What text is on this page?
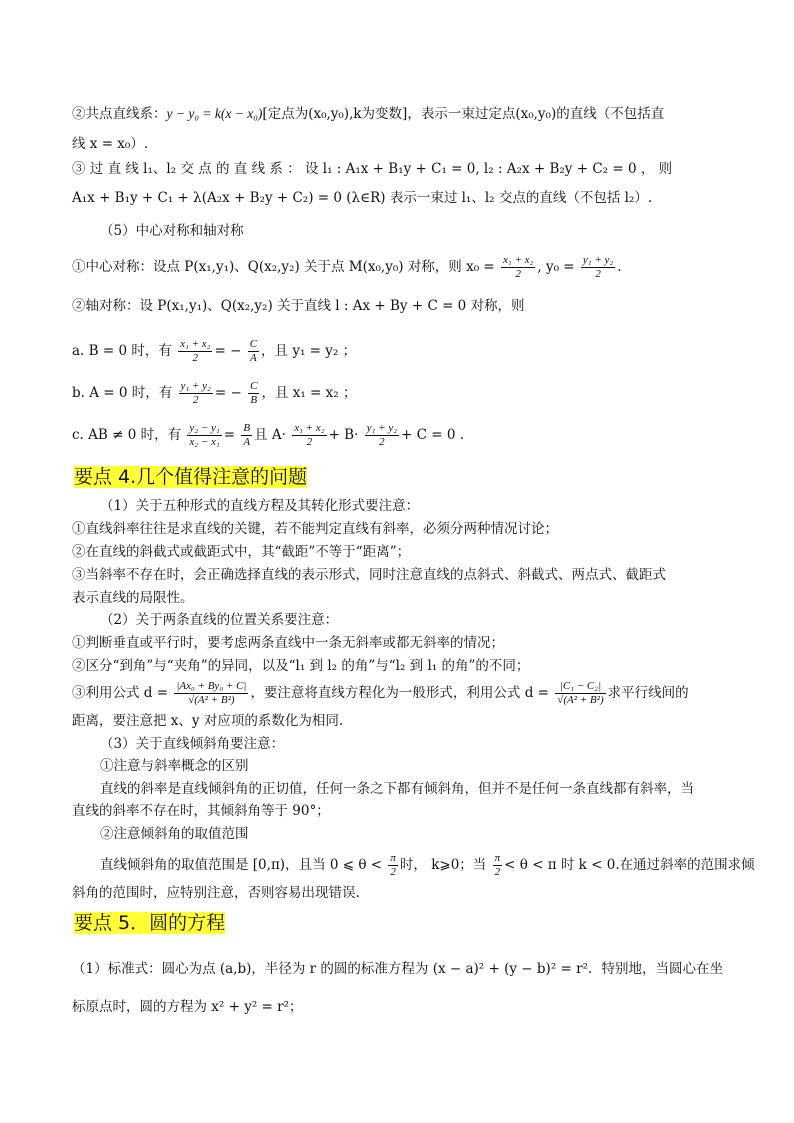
②共点直线系：y − y₀ = k(x − x₀)[定点为(x₀,y₀),k为变数]，表示一束过定点(x₀,y₀)的直线（不包括直
线 x = x₀）.
③ 过 直 线 l₁、l₂ 交 点 的 直 线 系 ： 设 l₁ : A₁x + B₁y + C₁ = 0, l₂ : A₂x + B₂y + C₂ = 0 ， 则
A₁x + B₁y + C₁ + λ(A₂x + B₂y + C₂) = 0 (λ∈R) 表示一束过 l₁、l₂ 交点的直线（不包括 l₂）.
（5）中心对称和轴对称
①中心对称：设点 P(x₁,y₁)、Q(x₂,y₂) 关于点 M(x₀,y₀) 对称，则 $x_0 = \frac{\text{x₁ + x₂}}{2}$ , $y_0 = \frac{\text{y₁ + y₂}}{2}$ .
②轴对称：设 P(x₁,y₁)、Q(x₂,y₂) 关于直线 l : Ax + By + C = 0 对称，则
a. B = 0 时，有 $\frac{\text{x₁ + x₂}}{2}$ = − $\frac{C}{A}$ ，且 y₁ = y₂ ；
b. A = 0 时，有 $\frac{\text{y₁ + y₂}}{2}$ = − $\frac{C}{B}$ ，且 x₁ = x₂ ；
c. AB ≠ 0 时，有 $\frac{\text{y₂ − y₁}}{\text{x₂ − x₁}} = \frac{B}{A}$ 且 $A\cdot \frac{\text{x₁ + x₂}}{2} + B\cdot \frac{\text{y₁ + y₂}}{2} + C = 0$ .
要点 4.几个值得注意的问题
（1）关于五种形式的直线方程及其转化形式要注意：
①直线斜率往往是求直线的关键，若不能判定直线有斜率，必须分两种情况讨论；
②在直线的斜截式或截距式中，其“截距”不等于“距离”；
③当斜率不存在时，会正确选择直线的表示形式，同时注意直线的点斜式、斜截式、两点式、截距式
表示直线的局限性。
（2）关于两条直线的位置关系要注意：
①判断垂直或平行时，要考虑两条直线中一条无斜率或都无斜率的情况；
②区分“到角”与“夹角”的异同，以及“l₁ 到 l₂ 的角”与“l₂ 到 l₁ 的角”的不同；
③利用公式 $d = \frac{\text{|Ax₀ + By₀ + C|}}{\text{√(A² + B²)}}$ ，要注意将直线方程化为一般形式，利用公式 $d = \frac{\text{|C₁ − C₂|}}{\text{√(A² + B²)}}$ 求平行线间的
距离，要注意把 x、y 对应项的系数化为相同.
（3）关于直线倾斜角要注意：
①注意与斜率概念的区别
直线的斜率是直线倾斜角的正切值，任何一条之下都有倾斜角，但并不是任何一条直线都有斜率，当
直线的斜率不存在时，其倾斜角等于 90°；
②注意倾斜角的取值范围
直线倾斜角的取值范围是 [0,π)，且当 0 ⩽ $\theta < \frac{\pi}{2}$ 时， k⩾0；当 $\frac{\pi}{2} < \theta < \pi$ 时 k < 0.在通过斜率的范围求倾
斜角的范围时，应特别注意，否则容易出现错误.
要点 5．圆的方程
（1）标准式：圆心为点 (a,b)，半径为 r 的圆的标准方程为 (x − a)² + (y − b)² = r²．特别地，当圆心在坐
标原点时，圆的方程为 x² + y² = r²；
